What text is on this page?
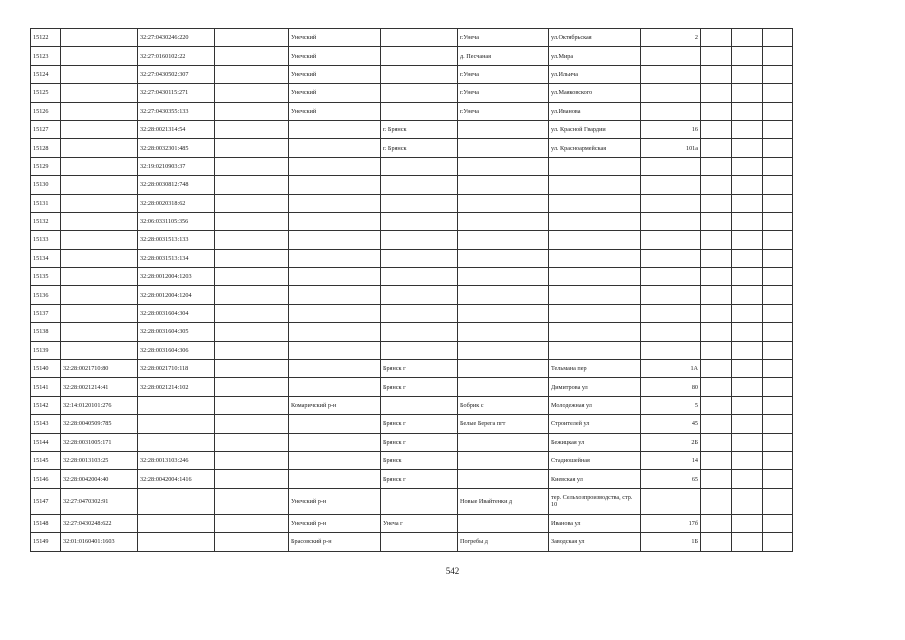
15122		32:27:0430246:220		Унечский		г.Унеча	ул.Октябрьская	2			
15123		32:27:0160102:22		Унечский		д. Песчаная	ул.Мира				
15124		32:27:0430502:307		Унечский		г.Унеча	ул.Ильича				
15125		32:27:0430115:271		Унечский		г.Унеча	ул.Маяковского				
15126		32:27:0430355:133		Унечский		г.Унеча	ул.Иванова				
15127		32:28:0021314:54			г. Брянск		ул. Красной Гвардии	16			
15128		32:28:0032301:485			г. Брянск		ул. Красноармейская	101а			
15129		32:19:0210903:37									
15130		32:28:0030812:748									
15131		32:28:0020318:62									
15132		32:06:0331105:356									
15133		32:28:0031513:133									
15134		32:28:0031513:134									
15135		32:28:0012004:1203									
15136		32:28:0012004:1204									
15137		32:28:0031604:304									
15138		32:28:0031604:305									
15139		32:28:0031604:306									
15140	32:28:0021710:80	32:28:0021710:118			Брянск г		Тельмана пер	1А			
15141	32:28:0021214:41	32:28:0021214:102			Брянск г		Димитрова ул	80			
15142	32:14:0120101:276			Комаричский р-н		Бобрик с	Молодежная ул	5			
15143	32:28:0040509:785				Брянск г	Белые Берега пгт	Строителей ул	45			
15144	32:28:0031005:171				Брянск г		Бежицкая ул	2Б			
15145	32:28:0013103:25	32:28:0013103:246			Брянск		Стадиошейная	14			
15146	32:28:0042004:40	32:28:0042004:1416			Брянск г		Киевская ул	65			
15147	32:27:0470302:91			Унечский р-н		Новые Ивайтенки д	тер. Сельхозпроизводства, стр. 10				
15148	32:27:0430248:622			Унечский р-н	Унеча г		Иванова ул	17б			
15149	32:01:0160401:1603			Брасовский р-н		Погребы д	Заводская ул	1Б			
542
